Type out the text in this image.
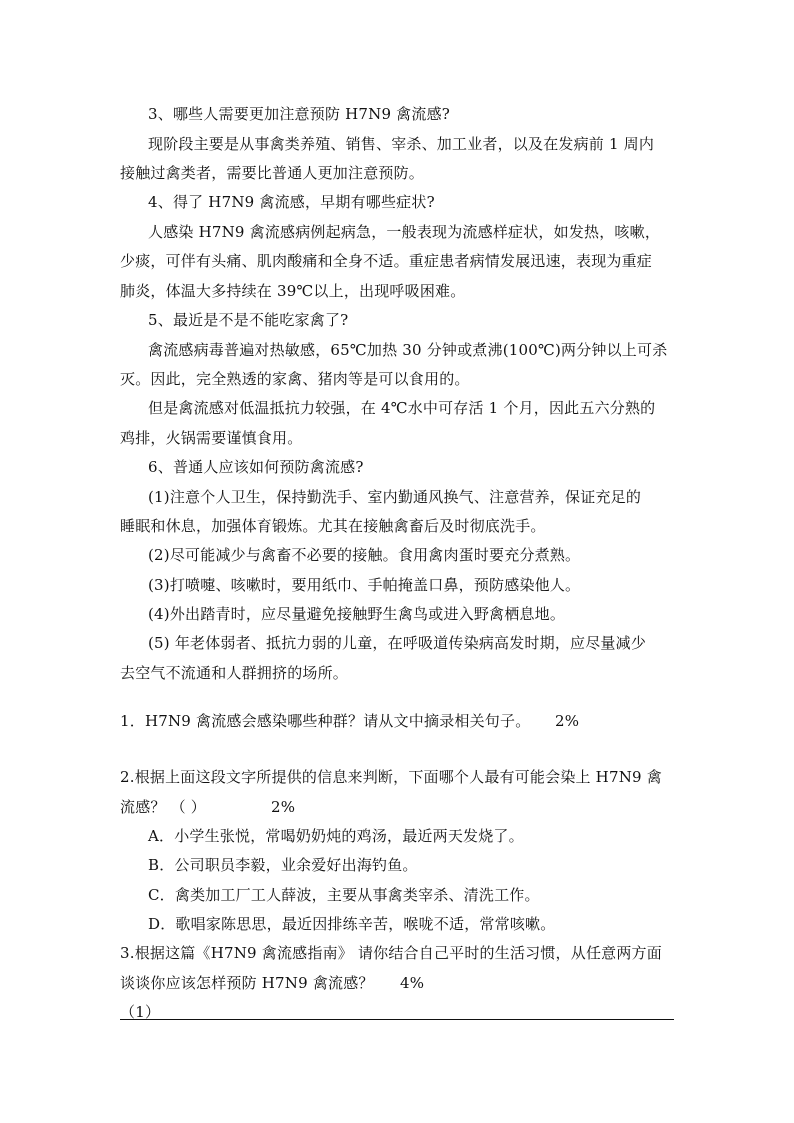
3、哪些人需要更加注意预防 H7N9 禽流感?
现阶段主要是从事禽类养殖、销售、宰杀、加工业者，以及在发病前 1 周内
接触过禽类者，需要比普通人更加注意预防。
4、得了 H7N9 禽流感，早期有哪些症状?
人感染 H7N9 禽流感病例起病急，一般表现为流感样症状，如发热，咳嗽，
少痰，可伴有头痛、肌肉酸痛和全身不适。重症患者病情发展迅速，表现为重症
肺炎，体温大多持续在 39℃以上，出现呼吸困难。
5、最近是不是不能吃家禽了?
禽流感病毒普遍对热敏感，65℃加热 30 分钟或煮沸(100℃)两分钟以上可杀
灭。因此，完全熟透的家禽、猪肉等是可以食用的。
但是禽流感对低温抵抗力较强，在 4℃水中可存活 1 个月，因此五六分熟的
鸡排，火锅需要谨慎食用。
6、普通人应该如何预防禽流感?
(1)注意个人卫生，保持勤洗手、室内勤通风换气、注意营养，保证充足的
睡眠和休息，加强体育锻炼。尤其在接触禽畜后及时彻底洗手。
(2)尽可能减少与禽畜不必要的接触。食用禽肉蛋时要充分煮熟。
(3)打喷嚏、咳嗽时，要用纸巾、手帕掩盖口鼻，预防感染他人。
(4)外出踏青时，应尽量避免接触野生禽鸟或进入野禽栖息地。
(5) 年老体弱者、抵抗力弱的儿童，在呼吸道传染病高发时期，应尽量减少
去空气不流通和人群拥挤的场所。
1．H7N9 禽流感会感染哪些种群？请从文中摘录相关句子。 2%
2.根据上面这段文字所提供的信息来判断，下面哪个人最有可能会染上 H7N9 禽
流感？ （ ）	2%
A．小学生张悦，常喝奶奶炖的鸡汤，最近两天发烧了。
B．公司职员李毅，业余爱好出海钓鱼。
C．禽类加工厂工人薛波，主要从事禽类宰杀、清洗工作。
D．歌唱家陈思思，最近因排练辛苦，喉咙不适，常常咳嗽。
3.根据这篇《H7N9 禽流感指南》 请你结合自己平时的生活习惯，从任意两方面
谈谈你应该怎样预防 H7N9 禽流感？ 4%
（1）
